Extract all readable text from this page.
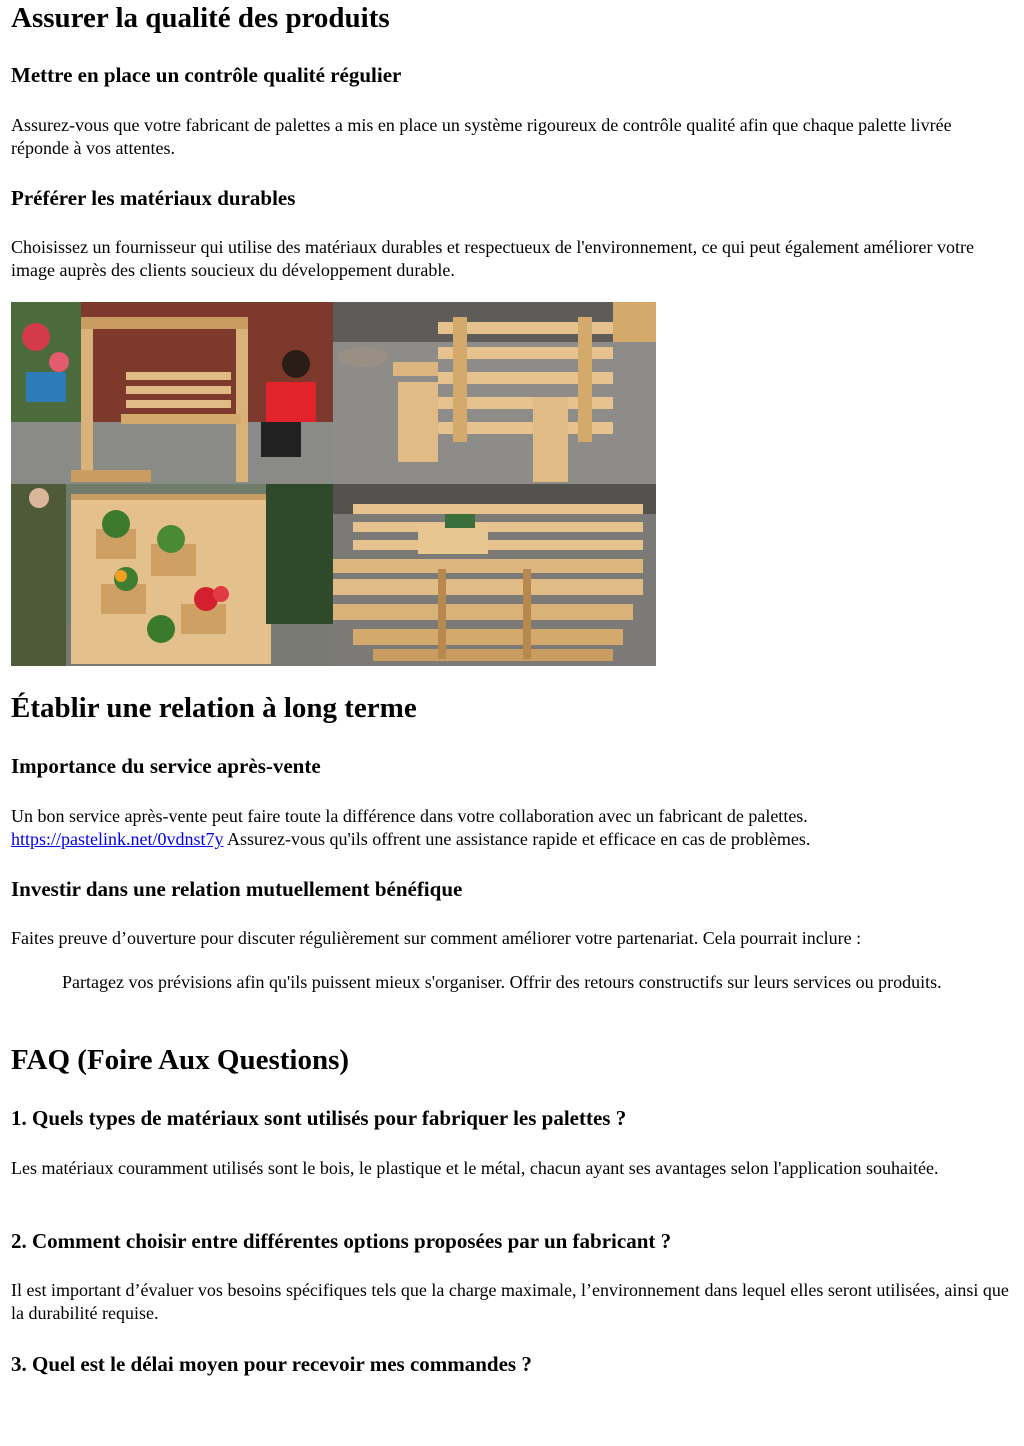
Assurer la qualité des produits
Mettre en place un contrôle qualité régulier

Assurez-vous que votre fabricant de palettes a mis en place un système rigoureux de contrôle qualité afin que chaque palette livrée réponde à vos attentes.

Préférer les matériaux durables

Choisissez un fournisseur qui utilise des matériaux durables et respectueux de l'environnement, ce qui peut également améliorer votre image auprès des clients soucieux du développement durable.

Établir une relation à long terme
Importance du service après-vente

Un bon service après-vente peut faire toute la différence dans votre collaboration avec un fabricant de palettes.
https://pastelink.net/0vdnst7y Assurez-vous qu'ils offrent une assistance rapide et efficace en cas de problèmes.

Investir dans une relation mutuellement bénéfique

Faites preuve d’ouverture pour discuter régulièrement sur comment améliorer votre partenariat. Cela pourrait inclure :

Partagez vos prévisions afin qu'ils puissent mieux s'organiser. Offrir des retours constructifs sur leurs services ou produits.

FAQ (Foire Aux Questions)
1. Quels types de matériaux sont utilisés pour fabriquer les palettes ?

Les matériaux couramment utilisés sont le bois, le plastique et le métal, chacun ayant ses avantages selon l'application souhaitée.

2. Comment choisir entre différentes options proposées par un fabricant ?

Il est important d’évaluer vos besoins spécifiques tels que la charge maximale, l’environnement dans lequel elles seront utilisées, ainsi que la durabilité requise.

3. Quel est le délai moyen pour recevoir mes commandes ?
